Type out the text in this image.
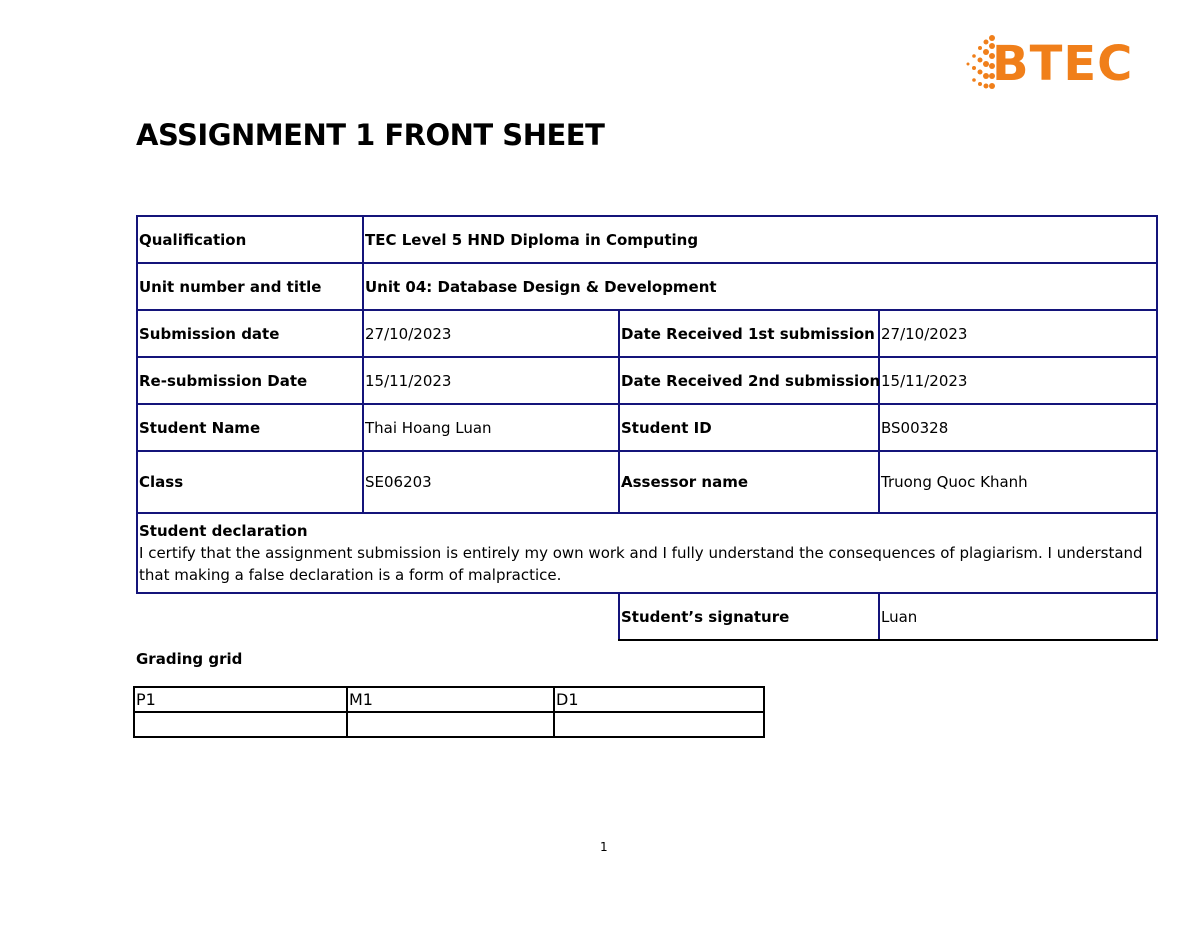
BTEC
ASSIGNMENT 1 FRONT SHEET
Qualification	TEC Level 5 HND Diploma in Computing		
Unit number and title	Unit 04: Database Design & Development		
Submission date	27/10/2023	Date Received 1st submission	27/10/2023
Re-submission Date	15/11/2023	Date Received 2nd submission	15/11/2023
Student Name	Thai Hoang Luan	Student ID	BS00328
Class	SE06203	Assessor name	Truong Quoc Khanh

Student declaration
I certify that the assignment submission is entirely my own work and I fully understand the consequences of plagiarism. I understand that making a false declaration is a form of malpractice.			

		Student’s signature	Luan
Grading grid
P1	M1	D1

1
